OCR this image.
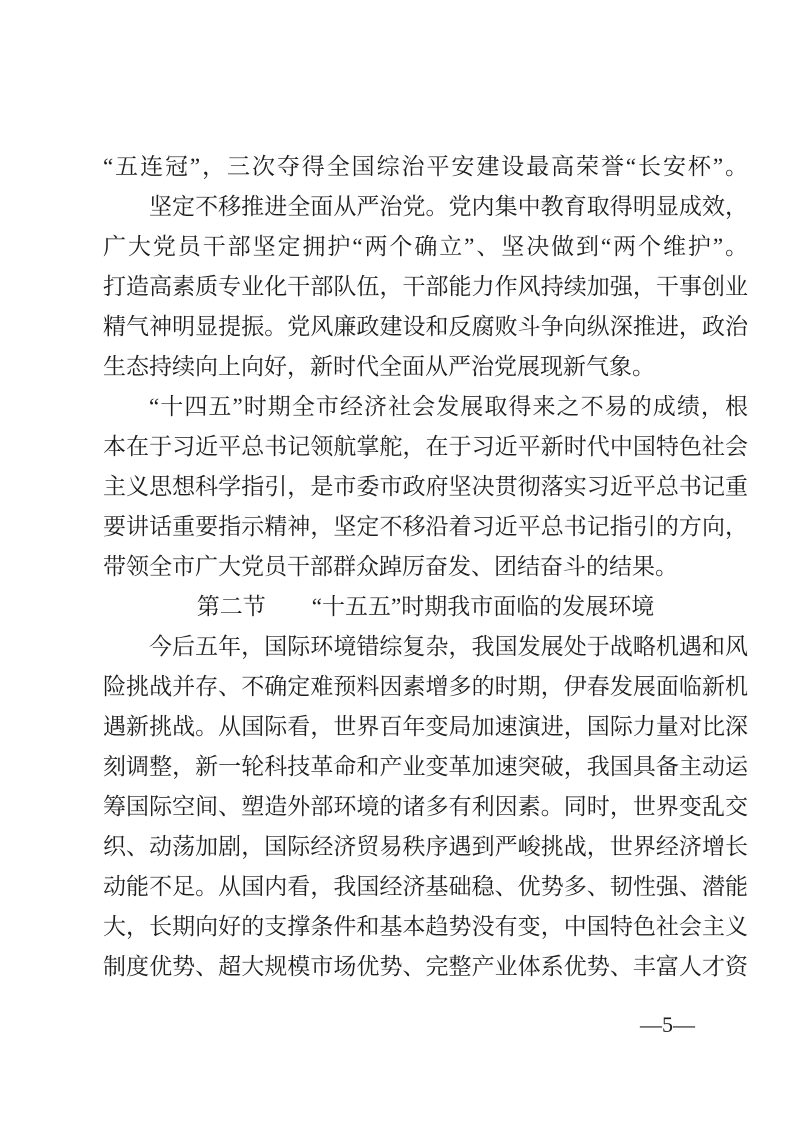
“五连冠”，三次夺得全国综治平安建设最高荣誉“长安杯”。
坚定不移推进全面从严治党。党内集中教育取得明显成效，
广大党员干部坚定拥护“两个确立”、坚决做到“两个维护”。
打造高素质专业化干部队伍，干部能力作风持续加强，干事创业
精气神明显提振。党风廉政建设和反腐败斗争向纵深推进，政治
生态持续向上向好，新时代全面从严治党展现新气象。
“十四五”时期全市经济社会发展取得来之不易的成绩，根
本在于习近平总书记领航掌舵，在于习近平新时代中国特色社会
主义思想科学指引，是市委市政府坚决贯彻落实习近平总书记重
要讲话重要指示精神，坚定不移沿着习近平总书记指引的方向，
带领全市广大党员干部群众踔厉奋发、团结奋斗的结果。
第二节　　“十五五”时期我市面临的发展环境
今后五年，国际环境错综复杂，我国发展处于战略机遇和风
险挑战并存、不确定难预料因素增多的时期，伊春发展面临新机
遇新挑战。从国际看，世界百年变局加速演进，国际力量对比深
刻调整，新一轮科技革命和产业变革加速突破，我国具备主动运
筹国际空间、塑造外部环境的诸多有利因素。同时，世界变乱交
织、动荡加剧，国际经济贸易秩序遇到严峻挑战，世界经济增长
动能不足。从国内看，我国经济基础稳、优势多、韧性强、潜能
大，长期向好的支撑条件和基本趋势没有变，中国特色社会主义
制度优势、超大规模市场优势、完整产业体系优势、丰富人才资
—5—
